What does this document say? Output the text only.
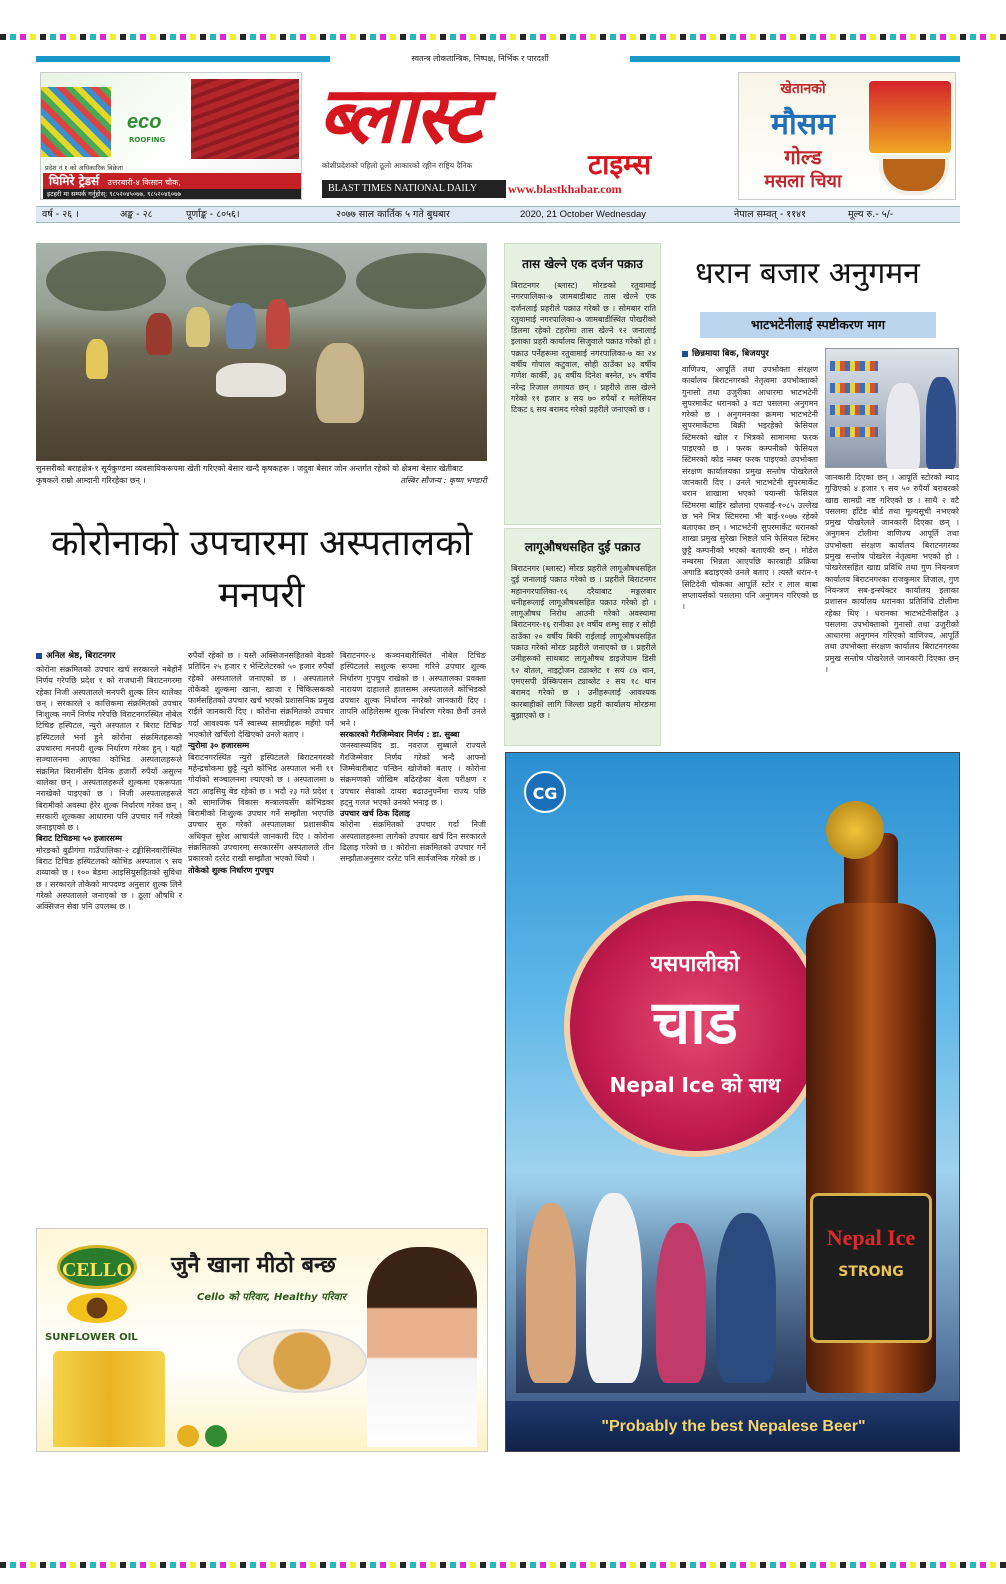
स्वतन्त्र लोकतान्त्रिक, निष्पक्ष, निर्भिक र पारदर्शी
ब्लास्ट
टाइम्स
कोशीप्रदेशको पहिलो ठूलो आकारको रङ्गीन राष्ट्रिय दैनिक
BLAST TIMES NATIONAL DAILY	www.blastkhabar.com
eco
ROOFING
प्रदेश नं १ को अधिकारिक बिक्रेता
घिमिरे ट्रेडर्स उत्तरबारी-४ किसान चौक,
इटहरी मा सम्पर्क गर्नुहोस्: ९८५२०४५०७७, ९८५२०४६०७७
खेतानको
मौसम
गोल्ड
मसला चिया
वर्ष - २६ ।	अङ्क - २८	पूर्णाङ्क - ८०५६।	२०७७ साल कार्तिक ५ गते बुधबार	2020, 21 October Wednesday	नेपाल सम्वत् - ११४१	मूल्य रु.- ५/-
सुनसरीको बराहक्षेत्र-१ सूर्यकुण्डमा व्यवसायिकरूपमा खेती गरिएको बेसार खन्दै कृषकहरू । जदुवा बेसार जोन अन्तर्गत रहेको यो क्षेत्रमा बेसार खेतीबाट कृषकले राम्रो आम्दानी गरिरहेका छन् ।	तस्बिर सौजन्य : कृष्ण भण्डारी
कोरोनाको उपचारमा अस्पतालको मनपरी
अनिल श्रेष्ठ, बिराटनगर
कोरोना संक्रमितको उपचार खर्च सरकारले नबेहोर्ने निर्णय गरेपछि प्रदेश १ को राजधानी बिराटनगरमा रहेका निजी अस्पतालले मनपरी शुल्क लिन थालेका छन् । सरकारले २ कात्तिकमा संक्रमितको उपचार निःशुल्क नगर्ने निर्णय गरेपछि विराटनगरस्थित नोबेल टिचिङ हस्पिटल, न्युरो अस्पताल र बिराट टिचिङ हस्पिटलले भर्ना हुने कोरोना संक्रमितहरूको उपचारमा मनपरी शुल्क निर्धारण गरेका हुन् । यहाँ सञ्चालनमा आएका कोभिड अस्पतालहरूले संक्रमित बिरामीसँग दैनिक हजारौं रुपैयाँ असुल्न थालेका छन् । अस्पतालहरूले शुल्कमा एकरूपता नराखेको पाइएको छ । निजी अस्पतालहरूले बिरामीको अवस्था हेरेर शुल्क निर्धारण गरेका छन् । सरकारी शुल्कका आधारमा पनि उपचार गर्ने गरेको जनाइएको छ ।
बिराट टिचिङमा ५० हजारसम्म
मोरङको बुढीगंगा गाउँपालिका-२ टङ्कीसिनवारीस्थित बिराट टिचिङ हस्पिटलको कोभिड अस्पताल ९ सय शय्याको छ । १०० बेडमा आइसियुसहितको सुविधा छ । सरकारले तोकेको मापदण्ड अनुसार शुल्क लिने गरेको अस्पतालले जनाएको छ । ठूला औषधि र अक्सिजन सेवा पनि उपलब्ध छ ।
रुपैयाँ रहेको छ । यस्तै अक्सिजनसहितको बेडको प्रतिदिन २५ हजार र भेन्टिलेटरको ५० हजार रुपैयाँ रहेको अस्पतालले जनाएको छ । अस्पतालले तोकेको शुल्कमा खाना, खाजा र चिकित्सकको फार्मसहितको उपचार खर्च भएको प्रशासनिक प्रमुख राईले जानकारी दिए । कोरोना संक्रमितको उपचार गर्दा आवश्यक पर्ने स्वास्थ्य सामग्रीहरू महँगो पर्ने भएकोले खर्चिलो देखिएको उनले बताए ।
न्युरोमा ३० हजारसम्म
बिराटनगरस्थित न्युरो हस्पिटलले बिराटनगरको महेन्द्रचोकमा छुट्टै न्युरो कोभिड अस्पताल भनी ११ गोर्याको सञ्चालनमा ल्याएको छ । अस्पतालमा ७ वटा आइसियु बेड रहेको छ । भदौ २३ गते प्रदेश १ को सामाजिक विकास मन्त्रालयसँग कोभिडका बिरामीको निःशुल्क उपचार गर्ने सम्झौता भएपछि उपचार सुरु गरेको अस्पतालका प्रशासकीय अधिकृत सुरेश आचार्यले जानकारी दिए । कोरोना संक्रमितको उपचारमा सरकारसँग अस्पतालले तीन प्रकारको दररेट राखी सम्झौता भएको थियो ।
तोकेको शुल्क निर्धारण गुपचुप
बिराटनगर-४ कञ्चनबारीस्थित नोबेल टिचिङ हस्पिटलले सशुल्क रूपमा गरिने उपचार शुल्क निर्धारण गुपचुप राखेको छ । अस्पतालका प्रवक्ता नारायण दाहालले हालसम्म अस्पतालले कोभिडको उपचार शुल्क निर्धारण नगरेको जानकारी दिए । तापनि अहिलेसम्म शुल्क निर्धारण गरेका छैनौं उनले भने ।
सरकारको गैरजिम्मेवार निर्णय : डा. सुब्बा
जनस्वास्थ्यविद डा. नवराज सुब्बाले राज्यले गैरजिम्मेवार निर्णय गरेको भन्दै आफ्नो जिम्मेवारीबाट पन्छिन खोजेको बताए । कोरोना संक्रमणको जोखिम बढिरहेका बेला परीक्षण र उपचार सेवाको दायरा बढाउनुपर्नेमा राज्य पछि हट्नु गलत भएको उनको भनाइ छ ।
उपचार खर्च ठिक दिलाइ
कोरोना संक्रमितको उपचार गर्दा निजी अस्पतालहरूमा लागेको उपचार खर्च दिन सरकारले ढिलाइ गरेको छ । कोरोना संक्रमितको उपचार गर्ने सम्झौताअनुसार दररेट पनि सार्वजनिक गरेको छ ।
तास खेल्ने एक दर्जन पक्राउ
बिराटनगर (ब्लास्ट) मोरङको रतुवामाई नगरपालिका-७ जामबाडीबाट तास खेल्ने एक दर्जनलाई प्रहरीले पक्राउ गरेको छ । सोमबार राति रतुवामाई नगरपालिका-७ जामबाडीस्थित पोखरीको डिलमा रहेको टहरोमा तास खेल्ने १२ जनालाई इलाका प्रहरी कार्यालय सिजुवाले पक्राउ गरेको हो । पक्राउ पर्नेहरूमा रतुवामाई नगरपालिका-७ का २४ वर्षीय गोपाल कटुवाल, सोही ठाउँका ४३ वर्षीय गणेश कार्की, ३६ वर्षीय दिनेश बस्नेत, ४५ वर्षीय नरेन्द्र रिजाल लगायत छन् । प्रहरीले तास खेल्ने गरेको ११ हजार ४ सय ७० रुपैयाँ र मलेसियन टिकट ६ सय बरामद गरेको प्रहरीले जनाएको छ ।
लागूऔषधसहित दुई पक्राउ
बिराटनगर (ब्लास्ट) मोरङ प्रहरीले लागूऔषधसहित दुई जनालाई पक्राउ गरेको छ । प्रहरीले बिराटनगर महानगरपालिका-१६ दरैयाबाट मङ्गलबार धनीहरूलाई लागूऔषधसहित पक्राउ गरेको हो । लागूऔषध निरोध आउनी गरेको अवस्थामा बिराटनगर-१६ रानीका ३१ वर्षीय शम्भु साह र सोही ठाउँका २० वर्षीय बिकी राईलाई लागूऔषधसहित पक्राउ गरेको मोरङ प्रहरीले जनाएको छ । प्रहरीले उनीहरूको साथबाट लागूऔषध डाइजेपाम डिसी ९२ बोतल, नाइट्रोजन ट्याब्लेट १ सय ८७ थान, एमएसपी प्रेस्किपसन ट्याब्लेट २ सय १८ थान बरामद गरेको छ । उनीहरूलाई आवश्यक कारबाहीको लागि जिल्ला प्रहरी कार्यालय मोरङमा बुझाएको छ ।
धरान बजार अनुगमन
भाटभटेनीलाई स्पष्टीकरण माग
छिन्नमाया बिक, बिजयपुर
वाणिज्य, आपूर्ति तथा उपभोक्ता संरक्षण कार्यालय बिराटनगरको नेतृत्वमा उपभोक्ताको गुनासो तथा उजुरीका आधारमा भाटभटेनी सुपरमार्केट धरानको ३ वटा पसलमा अनुगमन गरेको छ । अनुगमनका क्रममा भाटभटेनी सुपरमार्केटमा बिक्री भइरहेको फेसियल स्टिमरको खोल र भित्रको सामानमा फरक पाइएको छ । फरक कम्पनीको फेसियल स्टिमरको कोड नम्बर फरक पाइएको उपभोक्ता संरक्षण कार्यालयका प्रमुख सन्तोष पोखरेलले जानकारी दिए । उनले भाटभटेनी सुपरमार्केट धरान शाखामा भएको फ्यान्सी फेसियल स्टिमरमा बाहिर खोलमा एफवाई-१०८५ उल्लेख छ भने भित्र स्टिमरमा भी बाई-१०७७ रहेको बताएका छन् । भाटभटेनी सुपरमार्केट धरानको शाखा प्रमुख सुरेखा भिष्टले पनि फेसियल स्टिमर छुट्टै कम्पनीको भएको बताएकी छन् । मोडेल नम्बरमा भिन्नता आएपछि कारबाही प्रक्रिया अगाडि बढाइएको उनले बताए । त्यस्तै धरान-१ सिटिदेवी चोकका आपूर्ति स्टोर र लाल बाबा सप्लायर्सको पसलमा पनि अनुगमन गरिएको छ ।
जानकारी दिएका छन् । आपूर्ति स्टोरको म्याद गुज्रिएको ४ हजार ९ सय ५० रुपैयाँ बराबरको खाद्य सामग्री नष्ट गरिएको छ । साथै २ वटै पसलमा हाँटेड बोर्ड तथा मूल्यसूची नभएको प्रमुख पोखरेलले जानकारी दिएका छन् । अनुगमन टोलीमा वाणिज्य आपूर्ति तथा उपभोक्ता संरक्षण कार्यालय बिराटनगरका प्रमुख सन्तोष पोखरेल नेतृत्वमा भएको हो । पोखरेलसहित खाद्य प्रविधि तथा गुण नियन्त्रण कार्यालय बिराटनगरका राजकुमार तिजाल, गुण नियन्त्रण सब-इन्स्पेक्टर कार्यालय इलाका प्रशासन कार्यालय धरानका प्रतिनिधि टोलीमा रहेका थिए । धरानका भाटभटेनीसहित ३ पसलमा उपभोक्ताको गुनासो तथा उजुरीको आधारमा अनुगमन गरिएको वाणिज्य, आपूर्ति तथा उपभोक्ता संरक्षण कार्यालय बिराटनगरका प्रमुख सन्तोष पोखरेलले जानकारी दिएका छन् ।
CG
यसपालीको
चाड
Nepal Ice को साथ
Nepal Ice
STRONG
"Probably the best Nepalese Beer"
CELLO
SUNFLOWER OIL
जुनै खाना मीठो बन्छ
Cello को परिवार, Healthy परिवार
